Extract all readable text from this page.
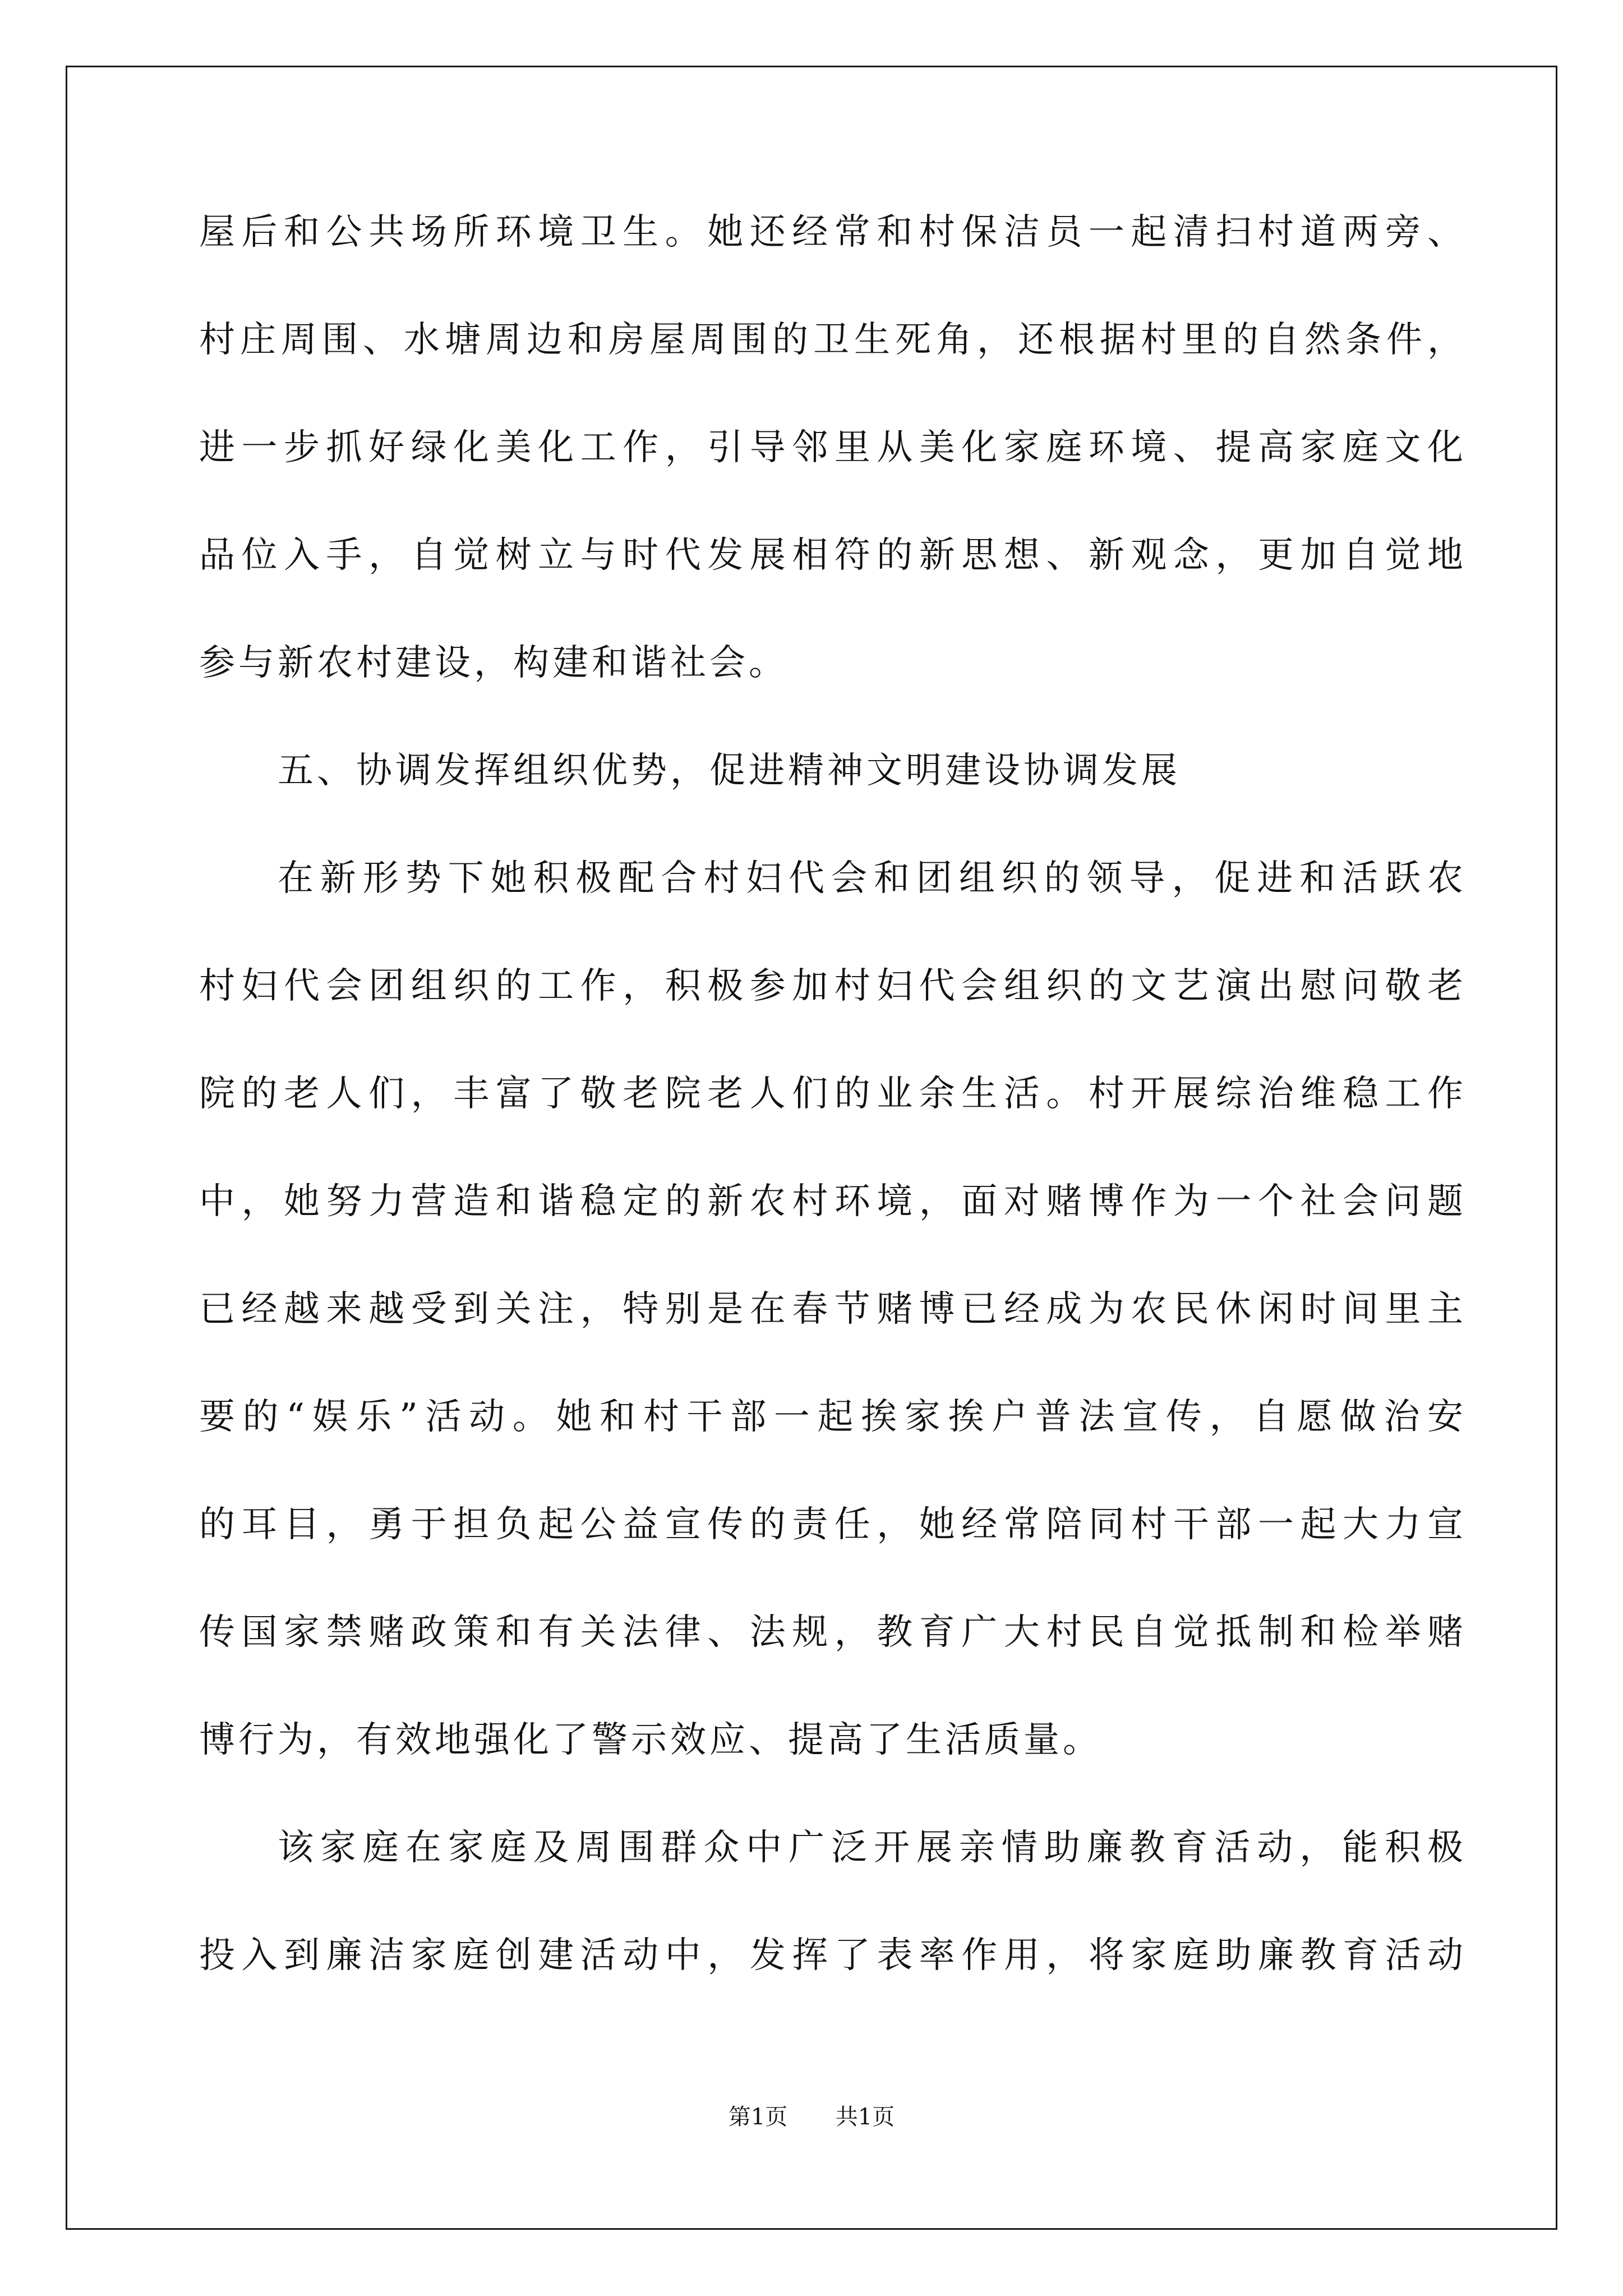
屋后和公共场所环境卫生。她还经常和村保洁员一起清扫村道两旁、
村庄周围、水塘周边和房屋周围的卫生死角，还根据村里的自然条件，
进一步抓好绿化美化工作，引导邻里从美化家庭环境、提高家庭文化
品位入手，自觉树立与时代发展相符的新思想、新观念，更加自觉地
参与新农村建设，构建和谐社会。
五、协调发挥组织优势，促进精神文明建设协调发展
在新形势下她积极配合村妇代会和团组织的领导，促进和活跃农
村妇代会团组织的工作，积极参加村妇代会组织的文艺演出慰问敬老
院的老人们，丰富了敬老院老人们的业余生活。村开展综治维稳工作
中，她努力营造和谐稳定的新农村环境，面对赌博作为一个社会问题
已经越来越受到关注，特别是在春节赌博已经成为农民休闲时间里主
要的“娱乐”活动。她和村干部一起挨家挨户普法宣传，自愿做治安
的耳目，勇于担负起公益宣传的责任，她经常陪同村干部一起大力宣
传国家禁赌政策和有关法律、法规，教育广大村民自觉抵制和检举赌
博行为，有效地强化了警示效应、提高了生活质量。
该家庭在家庭及周围群众中广泛开展亲情助廉教育活动，能积极
投入到廉洁家庭创建活动中，发挥了表率作用，将家庭助廉教育活动
第1页 共1页
